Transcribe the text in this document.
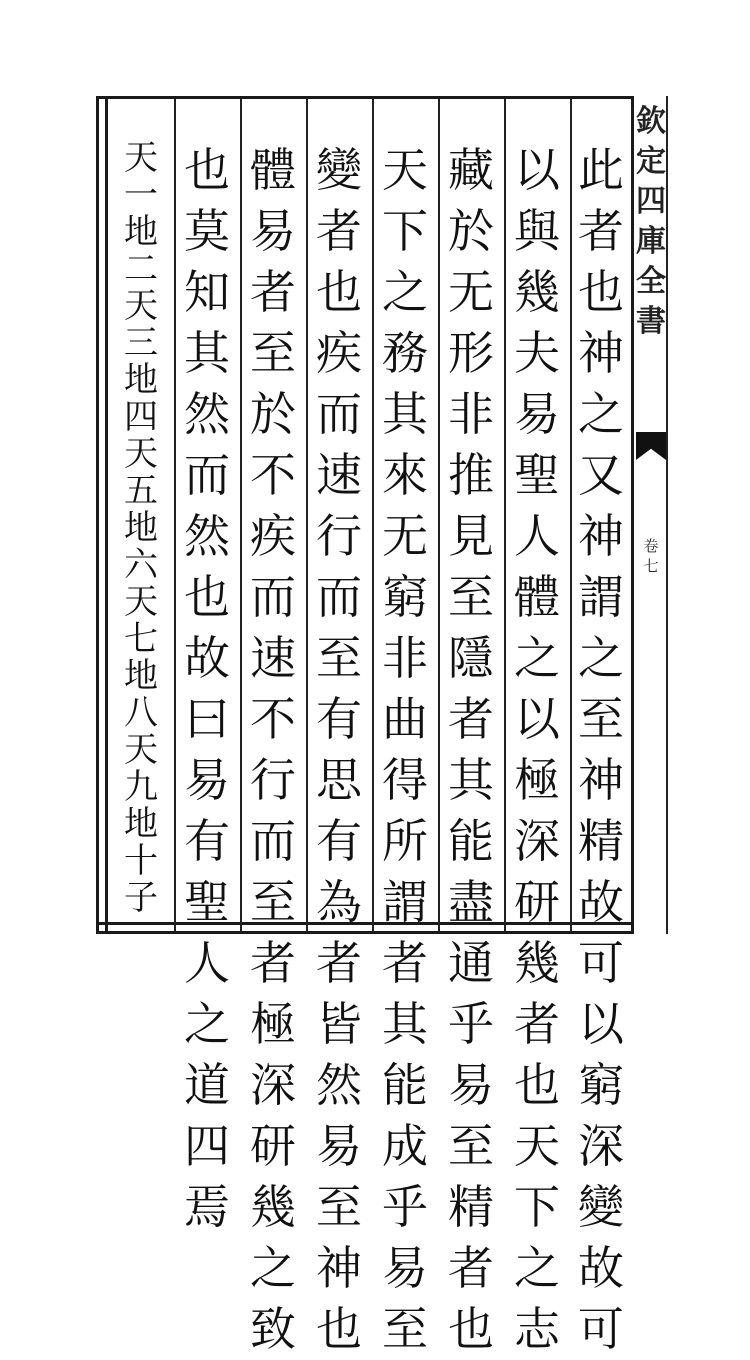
欽
定
四
庫
全
書
卷
七
此
者
也
神
之
又
神
謂
之
至
神
精
故
可
以
窮
深
變
故
可
以
與
幾
夫
易
聖
人
體
之
以
極
深
研
幾
者
也
天
下
之
志
藏
於
无
形
非
推
見
至
隱
者
其
能
盡
通
乎
易
至
精
者
也
天
下
之
務
其
來
无
窮
非
曲
得
所
謂
者
其
能
成
乎
易
至
變
者
也
疾
而
速
行
而
至
有
思
有
為
者
皆
然
易
至
神
也
體
易
者
至
於
不
疾
而
速
不
行
而
至
者
極
深
研
幾
之
致
也
莫
知
其
然
而
然
也
故
曰
易
有
聖
人
之
道
四
焉
天
一
地
二
天
三
地
四
天
五
地
六
天
七
地
八
天
九
地
十
子
